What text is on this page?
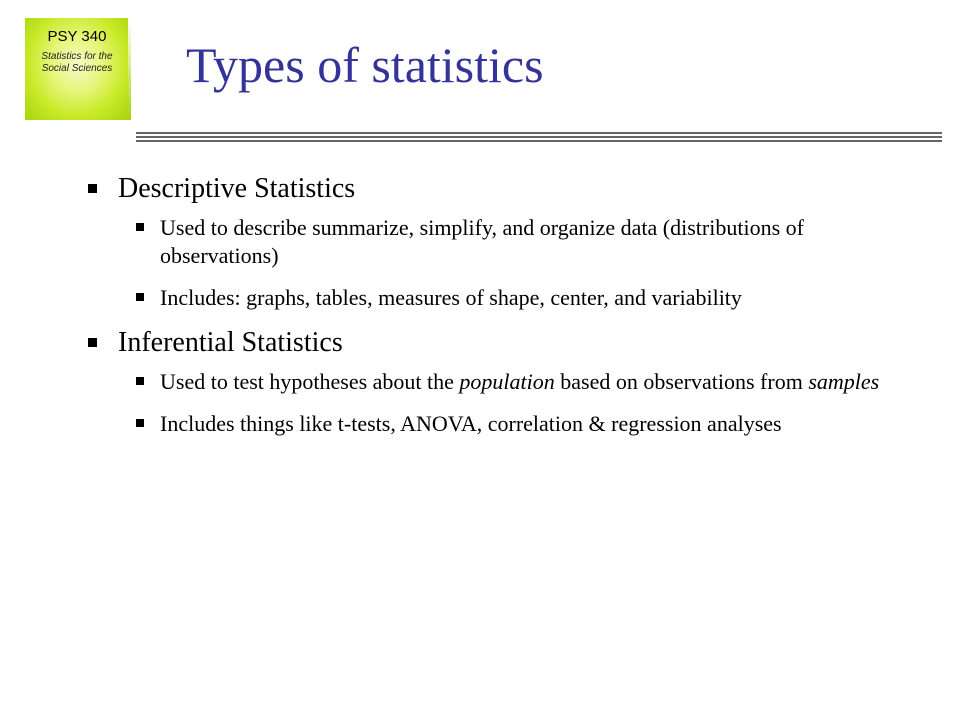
PSY 340
Statistics for the
Social Sciences	Types of statistics

Descriptive Statistics

Used to describe summarize, simplify, and organize data (distributions of observations)

Includes: graphs, tables, measures of shape, center, and variability

Inferential Statistics

Used to test hypotheses about the population based on observations from samples

Includes things like t-tests, ANOVA, correlation & regression analyses
